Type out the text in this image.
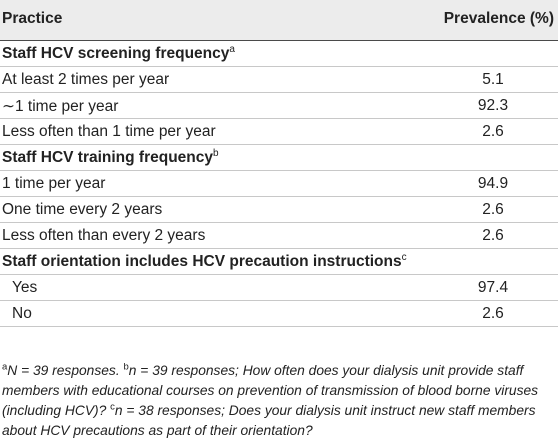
Practice	Prevalence (%)
Staff HCV screening frequency$^a$
At least 2 times per year	5.1
∼1 time per year	92.3
Less often than 1 time per year	2.6
Staff HCV training frequency$^b$
1 time per year	94.9
One time every 2 years	2.6
Less often than every 2 years	2.6
Staff orientation includes HCV precaution instructions$^c$
Yes	97.4
No	2.6
$^a$N = 39 responses. $^b$n = 39 responses; How often does your dialysis unit provide staff members with educational courses on prevention of transmission of blood borne viruses (including HCV)? $^c$n = 38 responses; Does your dialysis unit instruct new staff members about HCV precautions as part of their orientation?
